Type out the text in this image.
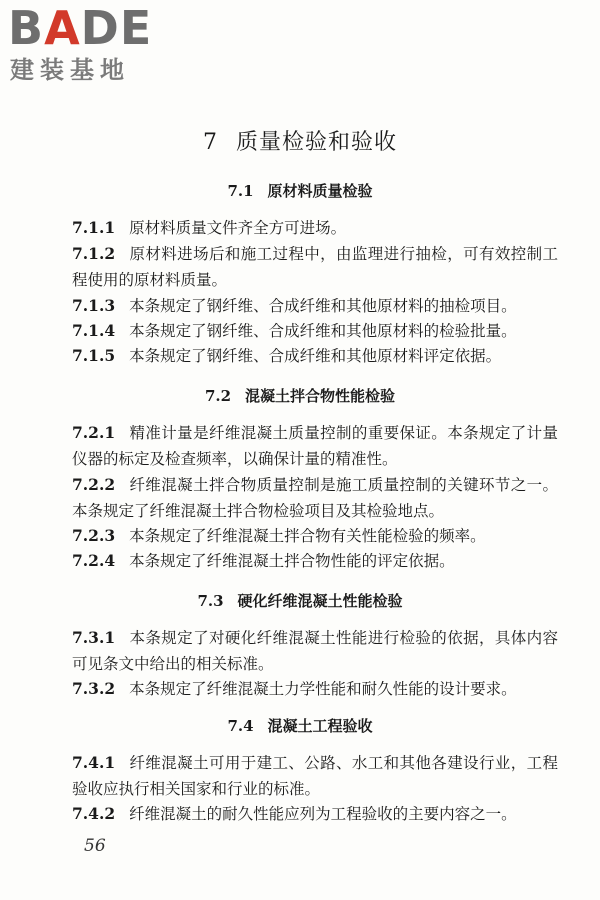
BADE
建装基地
7 质量检验和验收
7.1 原材料质量检验
7.1.1 原材料质量文件齐全方可进场。
7.1.2 原材料进场后和施工过程中，由监理进行抽检，可有效控制工程使用的原材料质量。
7.1.3 本条规定了钢纤维、合成纤维和其他原材料的抽检项目。
7.1.4 本条规定了钢纤维、合成纤维和其他原材料的检验批量。
7.1.5 本条规定了钢纤维、合成纤维和其他原材料评定依据。
7.2 混凝土拌合物性能检验
7.2.1 精准计量是纤维混凝土质量控制的重要保证。本条规定了计量仪器的标定及检查频率，以确保计量的精准性。
7.2.2 纤维混凝土拌合物质量控制是施工质量控制的关键环节之一。本条规定了纤维混凝土拌合物检验项目及其检验地点。
7.2.3 本条规定了纤维混凝土拌合物有关性能检验的频率。
7.2.4 本条规定了纤维混凝土拌合物性能的评定依据。
7.3 硬化纤维混凝土性能检验
7.3.1 本条规定了对硬化纤维混凝土性能进行检验的依据，具体内容可见条文中给出的相关标准。
7.3.2 本条规定了纤维混凝土力学性能和耐久性能的设计要求。
7.4 混凝土工程验收
7.4.1 纤维混凝土可用于建工、公路、水工和其他各建设行业，工程验收应执行相关国家和行业的标准。
7.4.2 纤维混凝土的耐久性能应列为工程验收的主要内容之一。
56
